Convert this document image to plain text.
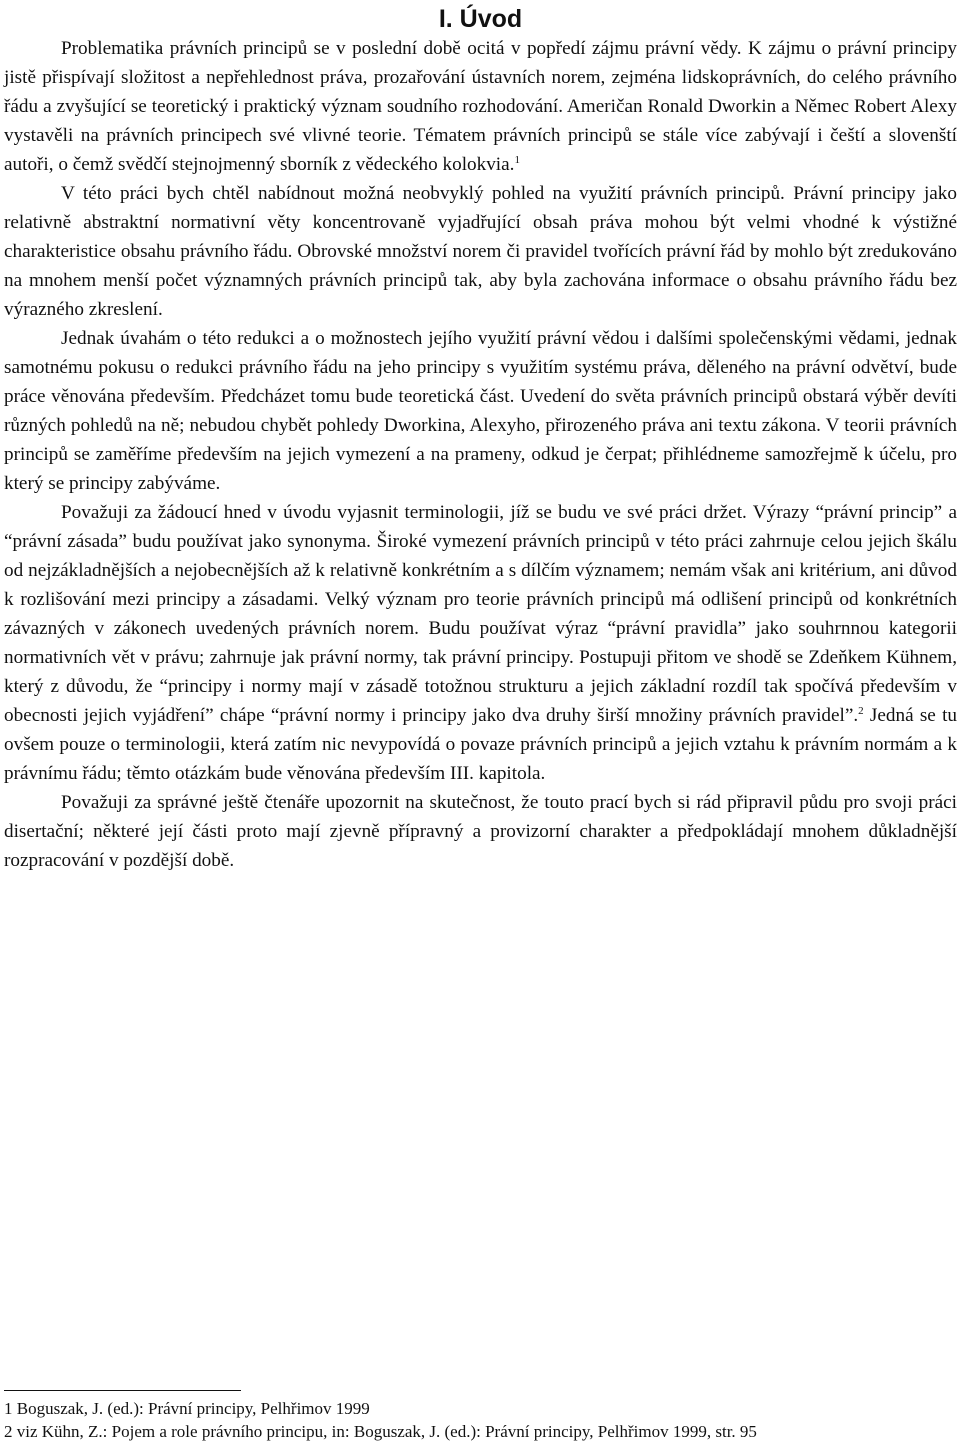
I. Úvod

Problematika právních principů se v poslední době ocitá v popředí zájmu právní vědy. K zájmu o právní principy jistě přispívají složitost a nepřehlednost práva, prozařování ústavních norem, zejména lidskoprávních, do celého právního řádu a zvyšující se teoretický i praktický význam soudního rozhodování. Američan Ronald Dworkin a Němec Robert Alexy vystavěli na právních principech své vlivné teorie. Tématem právních principů se stále více zabývají i čeští a slovenští autoři, o čemž svědčí stejnojmenný sborník z vědeckého kolokvia.$^1$

V této práci bych chtěl nabídnout možná neobvyklý pohled na využití právních principů. Právní principy jako relativně abstraktní normativní věty koncentrovaně vyjadřující obsah práva mohou být velmi vhodné k výstižné charakteristice obsahu právního řádu. Obrovské množství norem či pravidel tvořících právní řád by mohlo být zredukováno na mnohem menší počet významných právních principů tak, aby byla zachována informace o obsahu právního řádu bez výrazného zkreslení.

Jednak úvahám o této redukci a o možnostech jejího využití právní vědou i dalšími společenskými vědami, jednak samotnému pokusu o redukci právního řádu na jeho principy s využitím systému práva, děleného na právní odvětví, bude práce věnována především. Předcházet tomu bude teoretická část. Uvedení do světa právních principů obstará výběr devíti různých pohledů na ně; nebudou chybět pohledy Dworkina, Alexyho, přirozeného práva ani textu zákona. V teorii právních principů se zaměříme především na jejich vymezení a na prameny, odkud je čerpat; přihlédneme samozřejmě k účelu, pro který se principy zabýváme.

Považuji za žádoucí hned v úvodu vyjasnit terminologii, jíž se budu ve své práci držet. Výrazy “právní princip” a “právní zásada” budu používat jako synonyma. Široké vymezení právních principů v této práci zahrnuje celou jejich škálu od nejzákladnějších a nejobecnějších až k relativně konkrétním a s dílčím významem; nemám však ani kritérium, ani důvod k rozlišování mezi principy a zásadami. Velký význam pro teorie právních principů má odlišení principů od konkrétních závazných v zákonech uvedených právních norem. Budu používat výraz “právní pravidla” jako souhrnnou kategorii normativních vět v právu; zahrnuje jak právní normy, tak právní principy. Postupuji přitom ve shodě se Zdeňkem Kühnem, který z důvodu, že “principy i normy mají v zásadě totožnou strukturu a jejich základní rozdíl tak spočívá především v obecnosti jejich vyjádření” chápe “právní normy i principy jako dva druhy širší množiny právních pravidel”.$^2$ Jedná se tu ovšem pouze o terminologii, která zatím nic nevypovídá o povaze právních principů a jejich vztahu k právním normám a k právnímu řádu; těmto otázkám bude věnována především III. kapitola.

Považuji za správné ještě čtenáře upozornit na skutečnost, že touto prací bych si rád připravil půdu pro svoji práci disertační; některé její části proto mají zjevně přípravný a provizorní charakter a předpokládají mnohem důkladnější rozpracování v pozdější době.

1 Boguszak, J. (ed.): Právní principy, Pelhřimov 1999
2 viz Kühn, Z.: Pojem a role právního principu, in: Boguszak, J. (ed.): Právní principy, Pelhřimov 1999, str. 95
